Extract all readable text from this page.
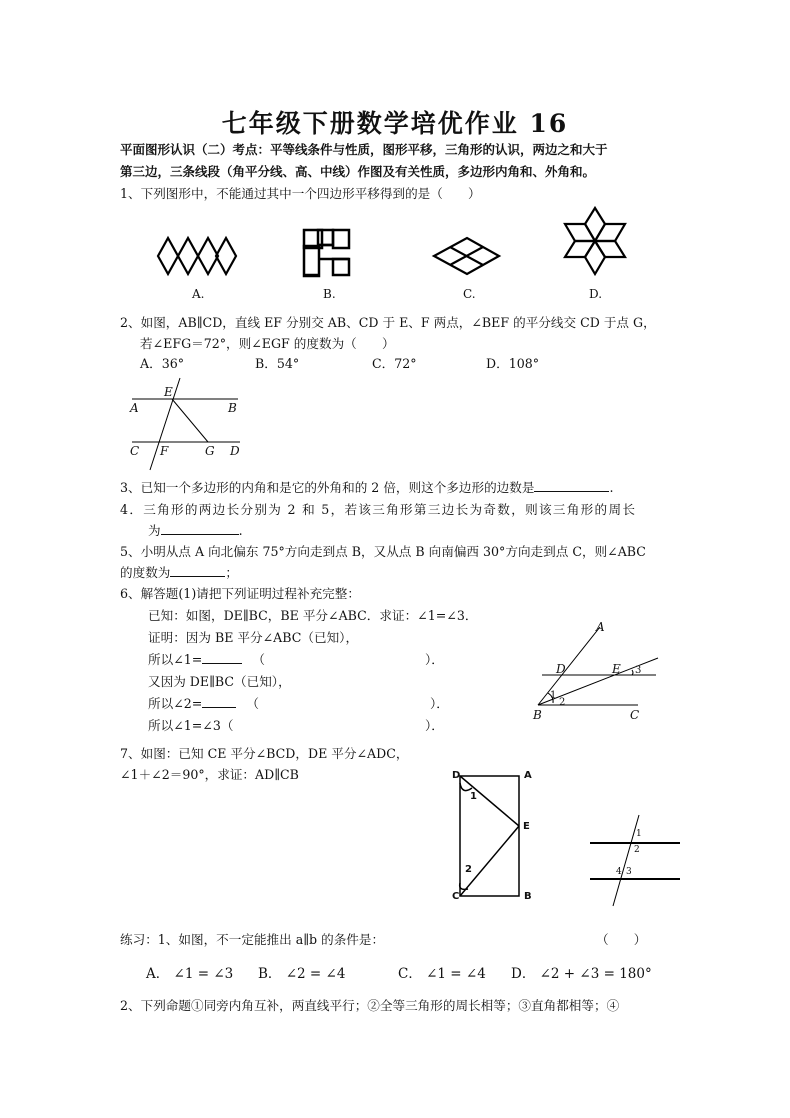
七年级下册数学培优作业 16
平面图形认识（二）考点：平等线条件与性质，图形平移，三角形的认识，两边之和大于
第三边，三条线段（角平分线、高、中线）作图及有关性质，多边形内角和、外角和。
1、下列图形中，不能通过其中一个四边形平移得到的是（　　）
A.	B.	C.	D.
2、如图，AB∥CD，直线 EF 分别交 AB、CD 于 E、F 两点，∠BEF 的平分线交 CD 于点 G，
若∠EFG＝72°，则∠EGF 的度数为（　　）
A．36°	B．54°	C．72°	D．108°
E
A	B
C F	G D
3、已知一个多边形的内角和是它的外角和的 2 倍，则这个多边形的边数是	.
4．三角形的两边长分别为 2 和 5，若该三角形第三边长为奇数，则该三角形的周长
为	.
5、小明从点 A 向北偏东 75°方向走到点 B，又从点 B 向南偏西 30°方向走到点 C，则∠ABC
的度数为	；
6、解答题(1)请把下列证明过程补充完整：
已知：如图，DE∥BC，BE 平分∠ABC．求证：∠1=∠3．
证明：因为 BE 平分∠ABC（已知），
所以∠1=	（	）．
又因为 DE∥BC（已知），
所以∠2=	（	）．
所以∠1=∠3（	）．
A
D	E 3
1
2
B	C
7、如图：已知 CE 平分∠BCD，DE 平分∠ADC，
∠1＋∠2＝90°，求证：AD∥CB	D	A
1
E
2
C	B
1
2
4 3
练习：1、如图，不一定能推出 a∥b 的条件是：	（　　）
A． ∠1 = ∠3 B． ∠2 = ∠4	C． ∠1 = ∠4 D． ∠2 + ∠3 = 180°
2、下列命题①同旁内角互补，两直线平行；②全等三角形的周长相等；③直角都相等；④
